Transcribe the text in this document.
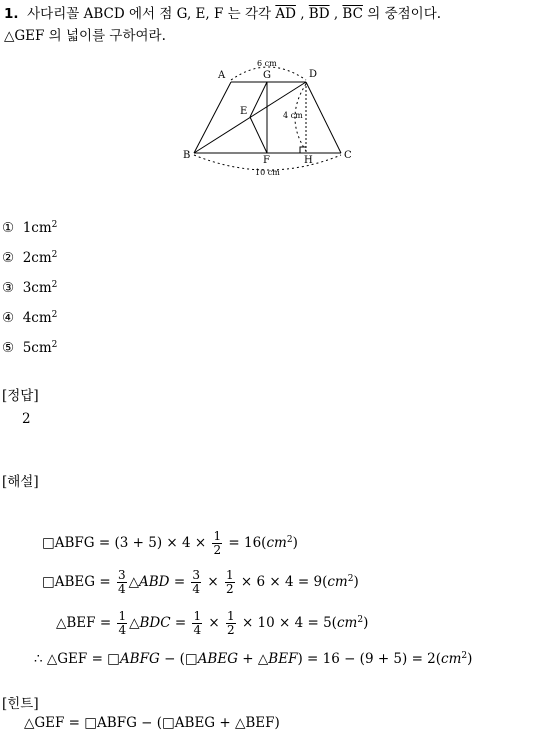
1. 사다리꼴 ABCD 에서 점 G, E, F 는 각각 $\overline{AD}$ , $\overline{BD}$ , $\overline{BC}$ 의 중점이다.
△GEF 의 넓이를 구하여라.
A	G	D
E
B	F	H	C
6 cm
4 cm
10 cm
① $1cm^2$
② $2cm^2$
③ $3cm^2$
④ $4cm^2$
⑤ $5cm^2$
[정답]
2
[해설]
□ABFG = $(3 + 5) \times 4 \times \frac{1}{2} = 16(cm^2)$
□ABEG = $\frac{3}{4}$ △ABD = $\frac{3}{4} \times \frac{1}{2} \times 6 \times 4 = 9(cm^2)$
△BEF = $\frac{1}{4}$ △BDC = $\frac{1}{4} \times \frac{1}{2} \times 10 \times 4 = 5(cm^2)$
∴ △GEF = □ABFG − (□ABEG + △BEF) = $16 - (9 + 5) = 2(cm^2)$
[힌트]
△GEF = □ABFG − (□ABEG + △BEF)
